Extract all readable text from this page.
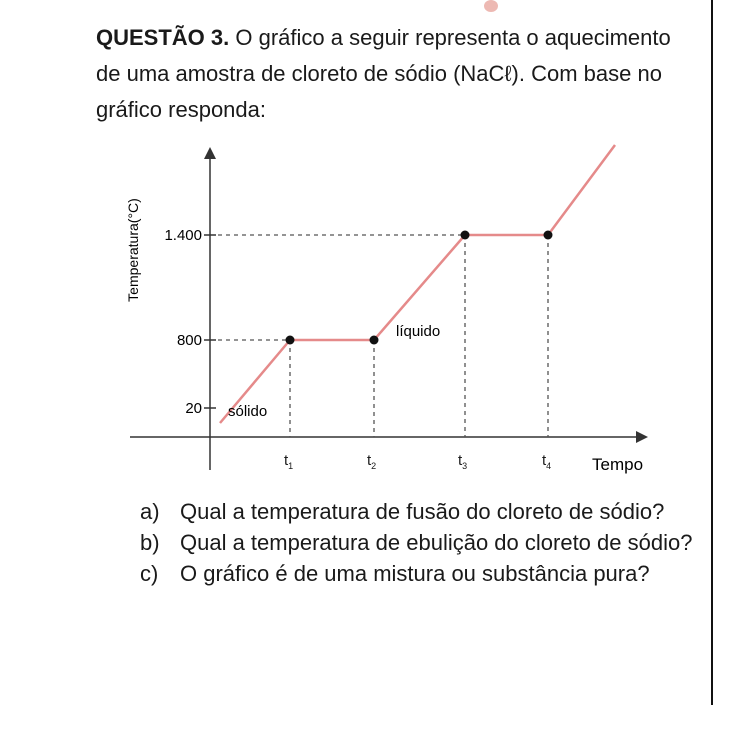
QUESTÃO 3. O gráfico a seguir representa o aquecimento de uma amostra de cloreto de sódio (NaCℓ). Com base no gráfico responda:
Temperatura(°C) 1.400
800
20 sólido
líquido
$t_1$	$t_2$	$t_3$	$t_4$ Tempo
a) Qual a temperatura de fusão do cloreto de sódio?
b) Qual a temperatura de ebulição do cloreto de sódio?
c) O gráfico é de uma mistura ou substância pura?
